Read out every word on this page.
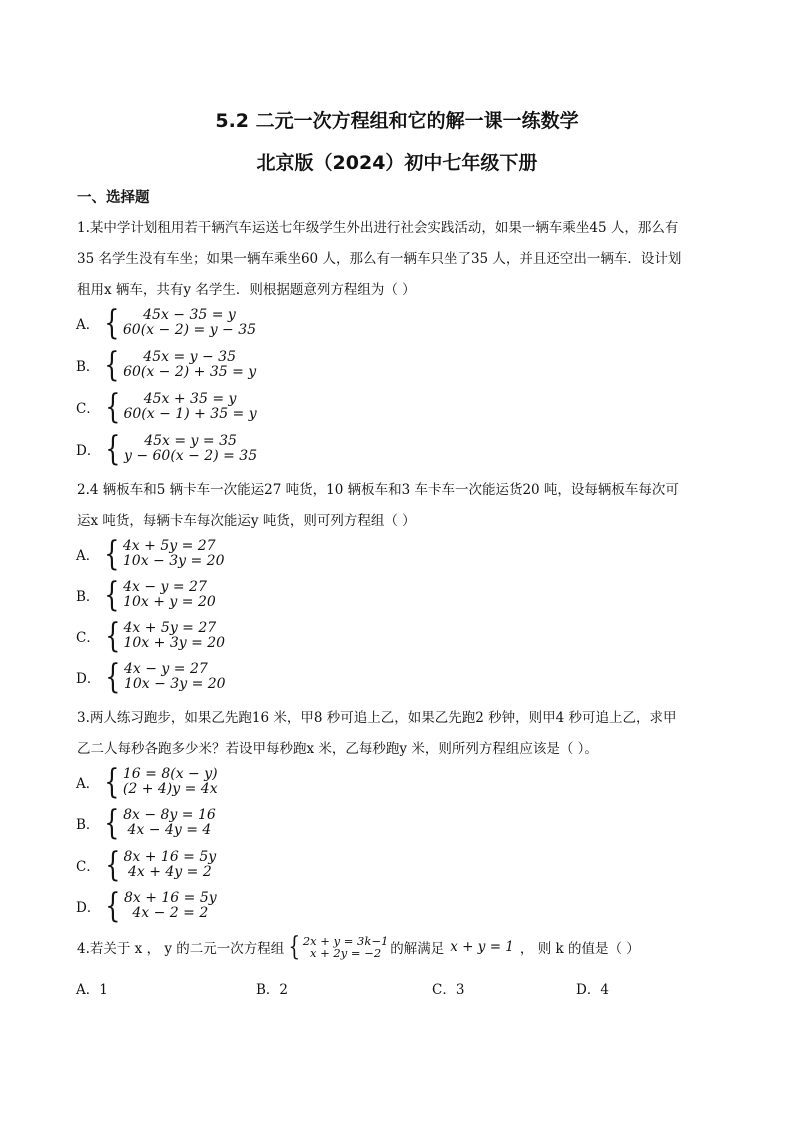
5.2 二元一次方程组和它的解一课一练数学
北京版（2024）初中七年级下册
一、选择题
1.某中学计划租用若干辆汽车运送七年级学生外出进行社会实践活动，如果一辆车乘坐45 人，那么有
35 名学生没有车坐；如果一辆车乘坐60 人，那么有一辆车只坐了35 人，并且还空出一辆车．设计划
租用x 辆车，共有y 名学生．则根据题意列方程组为（ ）
A． { 45x − 35 = y
60(x − 2) = y − 35
B． { 45x = y − 35
60(x − 2) + 35 = y
C． { 45x + 35 = y
60(x − 1) + 35 = y
D． { 45x = y = 35
y − 60(x − 2) = 35
2.4 辆板车和5 辆卡车一次能运27 吨货，10 辆板车和3 车卡车一次能运货20 吨，设每辆板车每次可
运x 吨货，每辆卡车每次能运y 吨货，则可列方程组（ ）
A． { 4x + 5y = 27
10x − 3y = 20
B． { 4x − y = 27
10x + y = 20
C． { 4x + 5y = 27
10x + 3y = 20
D． { 4x − y = 27
10x − 3y = 20
3.两人练习跑步，如果乙先跑16 米，甲8 秒可追上乙，如果乙先跑2 秒钟，则甲4 秒可追上乙，求甲
乙二人每秒各跑多少米？若设甲每秒跑x 米，乙每秒跑y 米，则所列方程组应该是（ ）。
A． { 16 = 8(x − y)
(2 + 4)y = 4x
B． { 8x − 8y = 16
4x − 4y = 4
C． { 8x + 16 = 5y
4x + 4y = 2
D． { 8x + 16 = 5y
4x − 2 = 2
4.若关于 x ， y 的二元一次方程组 { 2x + y = 3k−1
x + 2y = −2 的解满足 x + y = 1 ， 则 k 的值是（ ）
A．1	B．2	C．3	D．4
